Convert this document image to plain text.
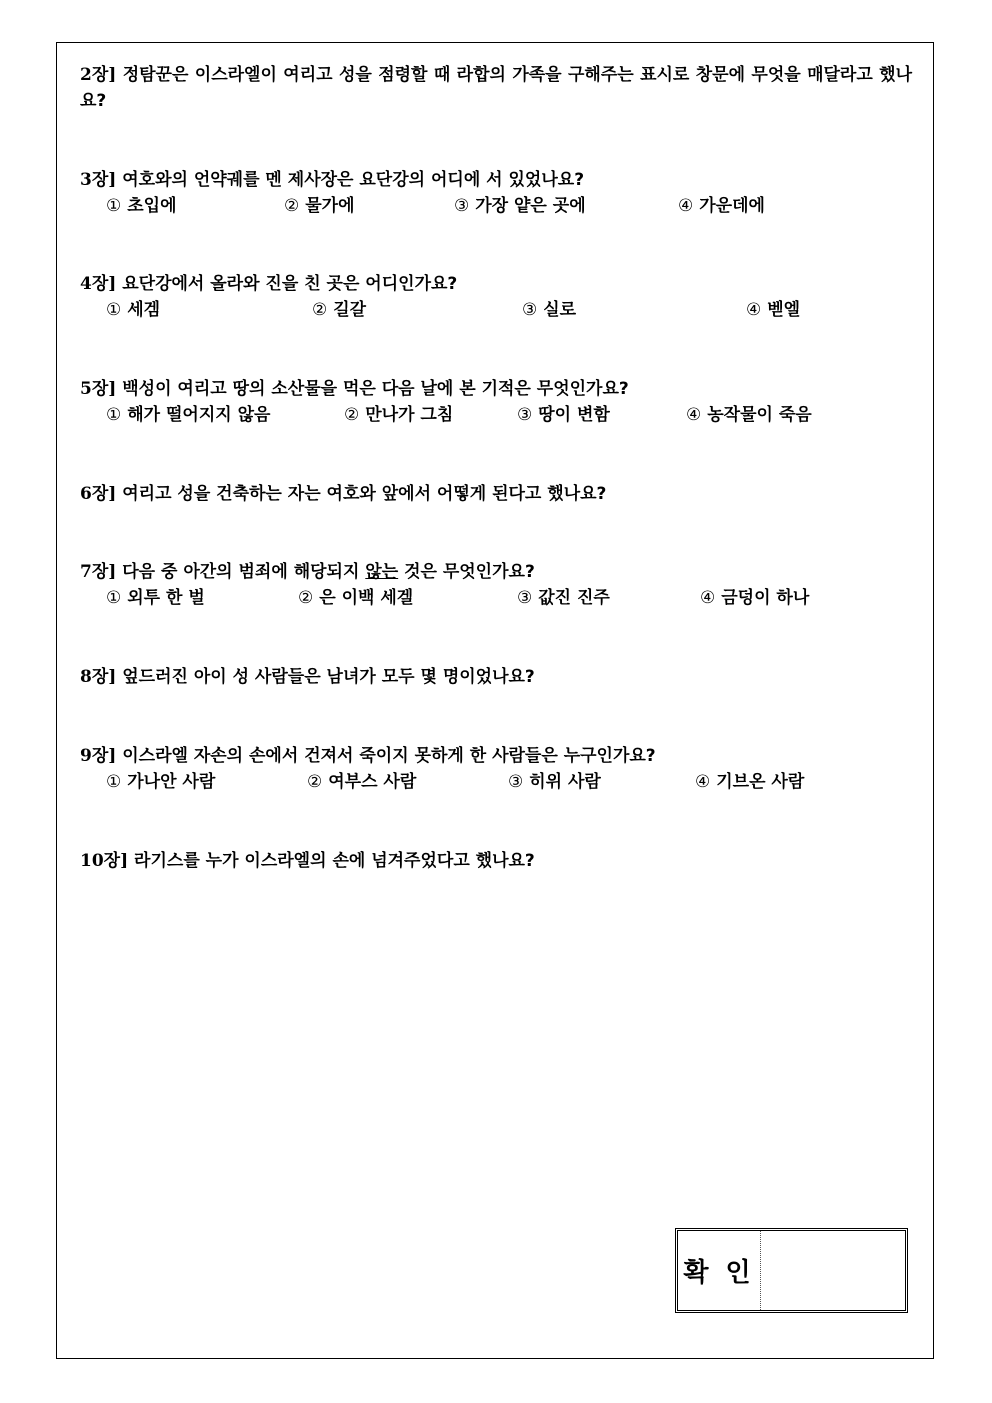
2장] 정탐꾼은 이스라엘이 여리고 성을 점령할 때 라합의 가족을 구해주는 표시로 창문에 무엇을 매달라고 했나요?
3장] 여호와의 언약궤를 멘 제사장은 요단강의 어디에 서 있었나요?
① 초입에	② 물가에	③ 가장 얕은 곳에	④ 가운데에
4장] 요단강에서 올라와 진을 친 곳은 어디인가요?
① 세겜	② 길갈	③ 실로	④ 벧엘
5장] 백성이 여리고 땅의 소산물을 먹은 다음 날에 본 기적은 무엇인가요?
① 해가 떨어지지 않음	② 만나가 그침	③ 땅이 변함	④ 농작물이 죽음
6장] 여리고 성을 건축하는 자는 여호와 앞에서 어떻게 된다고 했나요?
7장] 다음 중 아간의 범죄에 해당되지 않는 것은 무엇인가요?
① 외투 한 벌	② 은 이백 세겔	③ 값진 진주	④ 금덩이 하나
8장] 엎드러진 아이 성 사람들은 남녀가 모두 몇 명이었나요?
9장] 이스라엘 자손의 손에서 건져서 죽이지 못하게 한 사람들은 누구인가요?
① 가나안 사람	② 여부스 사람	③ 히위 사람	④ 기브온 사람
10장] 라기스를 누가 이스라엘의 손에 넘겨주었다고 했나요?
확 인
